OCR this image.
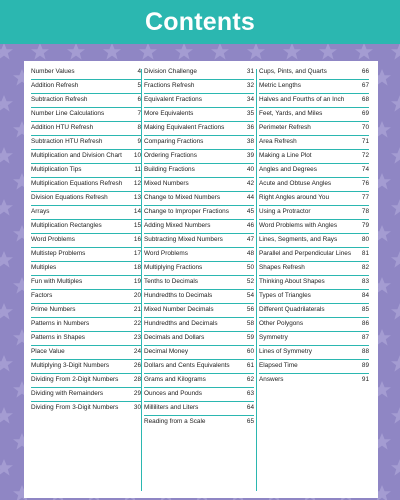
Contents
Number Values	4
Addition Refresh	5
Subtraction Refresh	6
Number Line Calculations	7
Addition HTU Refresh	8
Subtraction HTU Refresh	9
Multiplication and Division Chart	10
Multiplication Tips	11
Multiplication Equations Refresh	12
Division Equations Refresh	13
Arrays	14
Multiplication Rectangles	15
Word Problems	16
Multistep Problems	17
Multiples	18
Fun with Multiples	19
Factors	20
Prime Numbers	21
Patterns in Numbers	22
Patterns in Shapes	23
Place Value	24
Multiplying 3-Digit Numbers	26
Dividing From 2-Digit Numbers	28
Dividing with Remainders	29
Dividing From 3-Digit Numbers	30
Division Challenge	31
Fractions Refresh	32
Equivalent Fractions	34
More Equivalents	35
Making Equivalent Fractions	36
Comparing Fractions	38
Ordering Fractions	39
Building Fractions	40
Mixed Numbers	42
Change to Mixed Numbers	44
Change to Improper Fractions	45
Adding Mixed Numbers	46
Subtracting Mixed Numbers	47
Word Problems	48
Multiplying Fractions	50
Tenths to Decimals	52
Hundredths to Decimals	54
Mixed Number Decimals	56
Hundredths and Decimals	58
Decimals and Dollars	59
Decimal Money	60
Dollars and Cents Equivalents	61
Grams and Kilograms	62
Ounces and Pounds	63
Milliliters and Liters	64
Reading from a Scale	65
Cups, Pints, and Quarts	66
Metric Lengths	67
Halves and Fourths of an Inch	68
Feet, Yards, and Miles	69
Perimeter Refresh	70
Area Refresh	71
Making a Line Plot	72
Angles and Degrees	74
Acute and Obtuse Angles	76
Right Angles around You	77
Using a Protractor	78
Word Problems with Angles	79
Lines, Segments, and Rays	80
Parallel and Perpendicular Lines	81
Shapes Refresh	82
Thinking About Shapes	83
Types of Triangles	84
Different Quadrilaterals	85
Other Polygons	86
Symmetry	87
Lines of Symmetry	88
Elapsed Time	89
Answers	91
